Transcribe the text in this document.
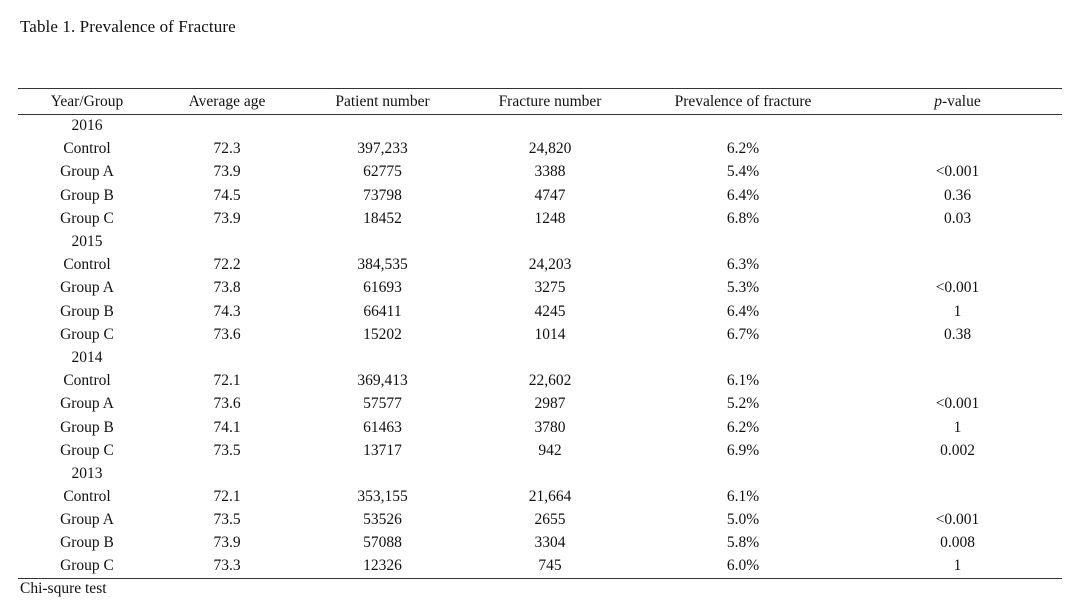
Table 1. Prevalence of Fracture
Year/Group	Average age	Patient number	Fracture number	Prevalence of fracture	p-value
2016					
Control	72.3	397,233	24,820	6.2%	
Group A	73.9	62775	3388	5.4%	<0.001
Group B	74.5	73798	4747	6.4%	0.36
Group C	73.9	18452	1248	6.8%	0.03
2015					
Control	72.2	384,535	24,203	6.3%	
Group A	73.8	61693	3275	5.3%	<0.001
Group B	74.3	66411	4245	6.4%	1
Group C	73.6	15202	1014	6.7%	0.38
2014					
Control	72.1	369,413	22,602	6.1%	
Group A	73.6	57577	2987	5.2%	<0.001
Group B	74.1	61463	3780	6.2%	1
Group C	73.5	13717	942	6.9%	0.002
2013					
Control	72.1	353,155	21,664	6.1%	
Group A	73.5	53526	2655	5.0%	<0.001
Group B	73.9	57088	3304	5.8%	0.008
Group C	73.3	12326	745	6.0%	1
Chi-squre test
